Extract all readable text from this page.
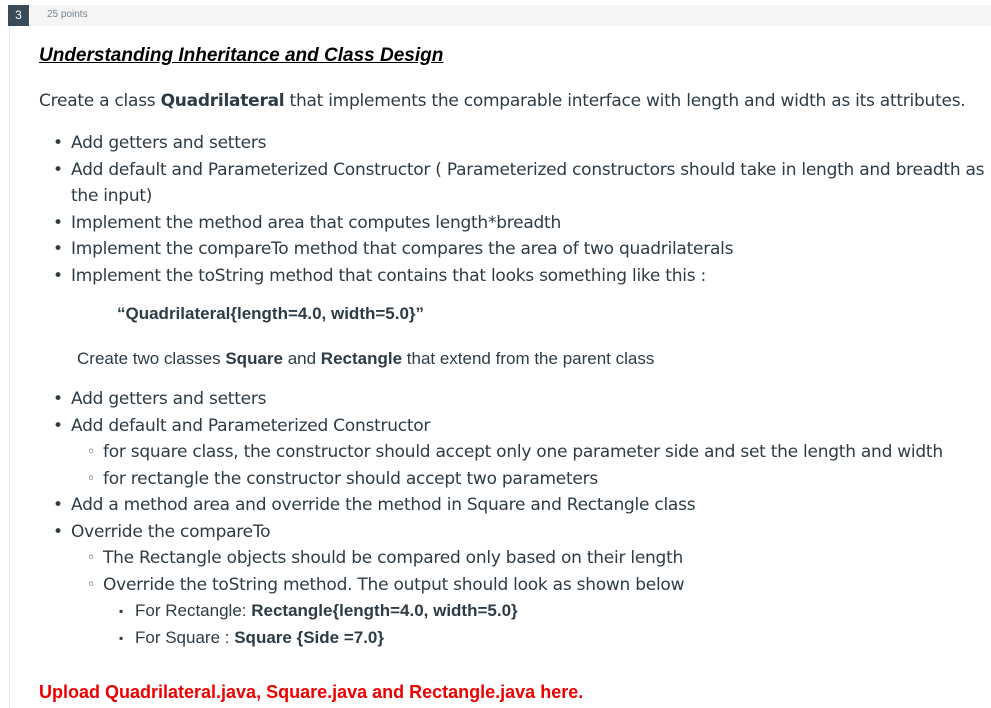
3	25 points
Understanding Inheritance and Class Design

Create a class Quadrilateral that implements the comparable interface with length and width as its attributes.

• Add getters and setters
• Add default and Parameterized Constructor ( Parameterized constructors should take in length and breadth as the input)
• Implement the method area that computes length*breadth
• Implement the compareTo method that compares the area of two quadrilaterals
• Implement the toString method that contains that looks something like this :

“Quadrilateral{length=4.0, width=5.0}”

Create two classes Square and Rectangle that extend from the parent class

• Add getters and setters
• Add default and Parameterized Constructor
◦ for square class, the constructor should accept only one parameter side and set the length and width
◦ for rectangle the constructor should accept two parameters
• Add a method area and override the method in Square and Rectangle class
• Override the compareTo
◦ The Rectangle objects should be compared only based on their length
◦ Override the toString method. The output should look as shown below
▪ For Rectangle: Rectangle{length=4.0, width=5.0}
▪ For Square : Square {Side =7.0}

Upload Quadrilateral.java, Square.java and Rectangle.java here.
